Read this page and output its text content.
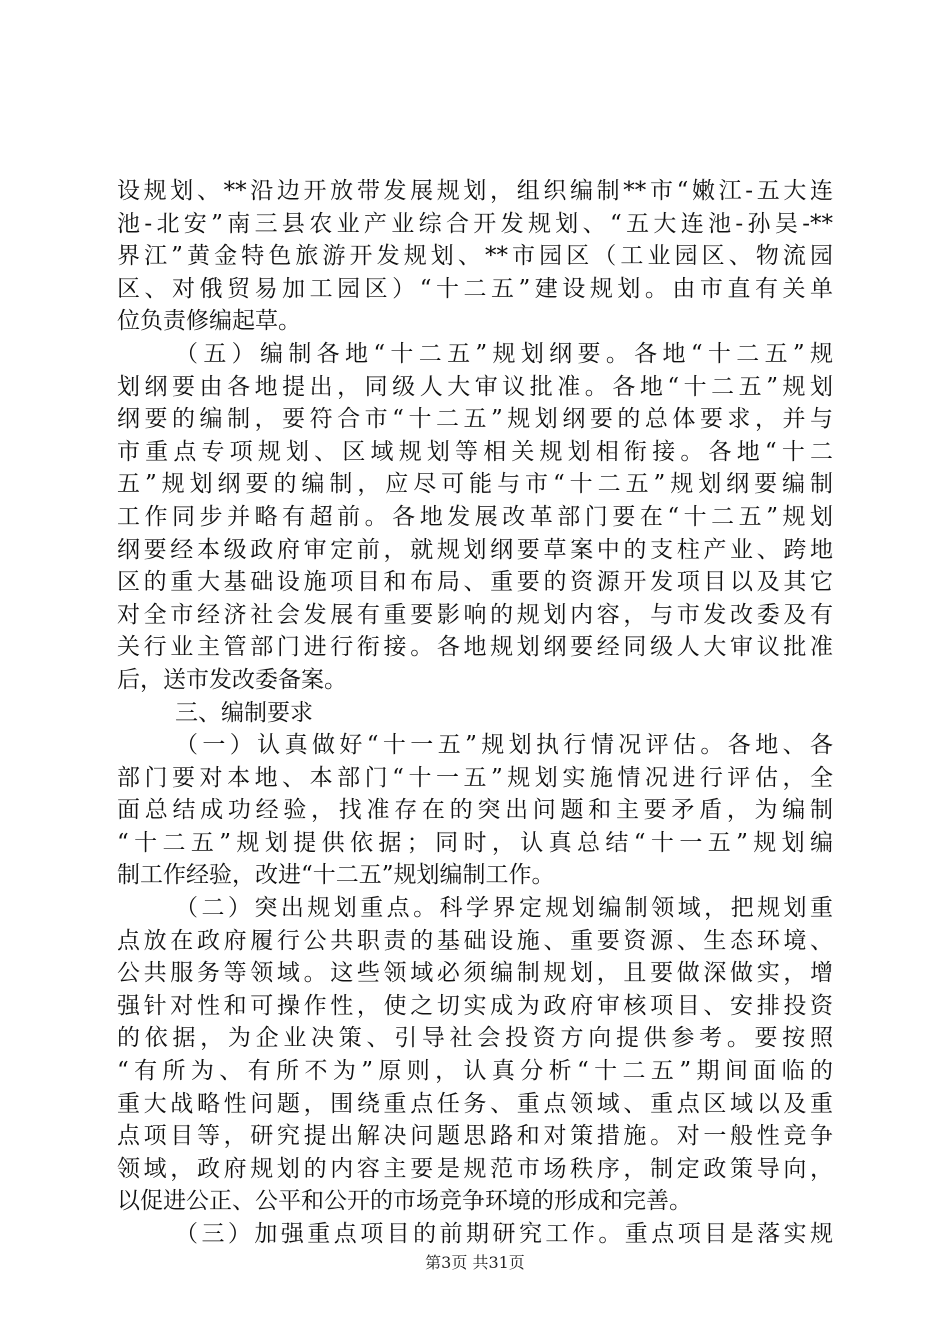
设规划、**沿边开放带发展规划，组织编制**市“嫩江-五大连
池-北安”南三县农业产业综合开发规划、“五大连池-孙吴-**
界江”黄金特色旅游开发规划、**市园区（工业园区、物流园
区、对俄贸易加工园区）“十二五”建设规划。由市直有关单
位负责修编起草。
（五）编制各地“十二五”规划纲要。各地“十二五”规
划纲要由各地提出，同级人大审议批准。各地“十二五”规划
纲要的编制，要符合市“十二五”规划纲要的总体要求，并与
市重点专项规划、区域规划等相关规划相衔接。各地“十二
五”规划纲要的编制，应尽可能与市“十二五”规划纲要编制
工作同步并略有超前。各地发展改革部门要在“十二五”规划
纲要经本级政府审定前，就规划纲要草案中的支柱产业、跨地
区的重大基础设施项目和布局、重要的资源开发项目以及其它
对全市经济社会发展有重要影响的规划内容，与市发改委及有
关行业主管部门进行衔接。各地规划纲要经同级人大审议批准
后，送市发改委备案。
三、编制要求
（一）认真做好“十一五”规划执行情况评估。各地、各
部门要对本地、本部门“十一五”规划实施情况进行评估，全
面总结成功经验，找准存在的突出问题和主要矛盾，为编制
“十二五”规划提供依据；同时，认真总结“十一五”规划编
制工作经验，改进“十二五”规划编制工作。
（二）突出规划重点。科学界定规划编制领域，把规划重
点放在政府履行公共职责的基础设施、重要资源、生态环境、
公共服务等领域。这些领域必须编制规划，且要做深做实，增
强针对性和可操作性，使之切实成为政府审核项目、安排投资
的依据，为企业决策、引导社会投资方向提供参考。要按照
“有所为、有所不为”原则，认真分析“十二五”期间面临的
重大战略性问题，围绕重点任务、重点领域、重点区域以及重
点项目等，研究提出解决问题思路和对策措施。对一般性竞争
领域，政府规划的内容主要是规范市场秩序，制定政策导向，
以促进公正、公平和公开的市场竞争环境的形成和完善。
（三）加强重点项目的前期研究工作。重点项目是落实规
第3页 共31页
